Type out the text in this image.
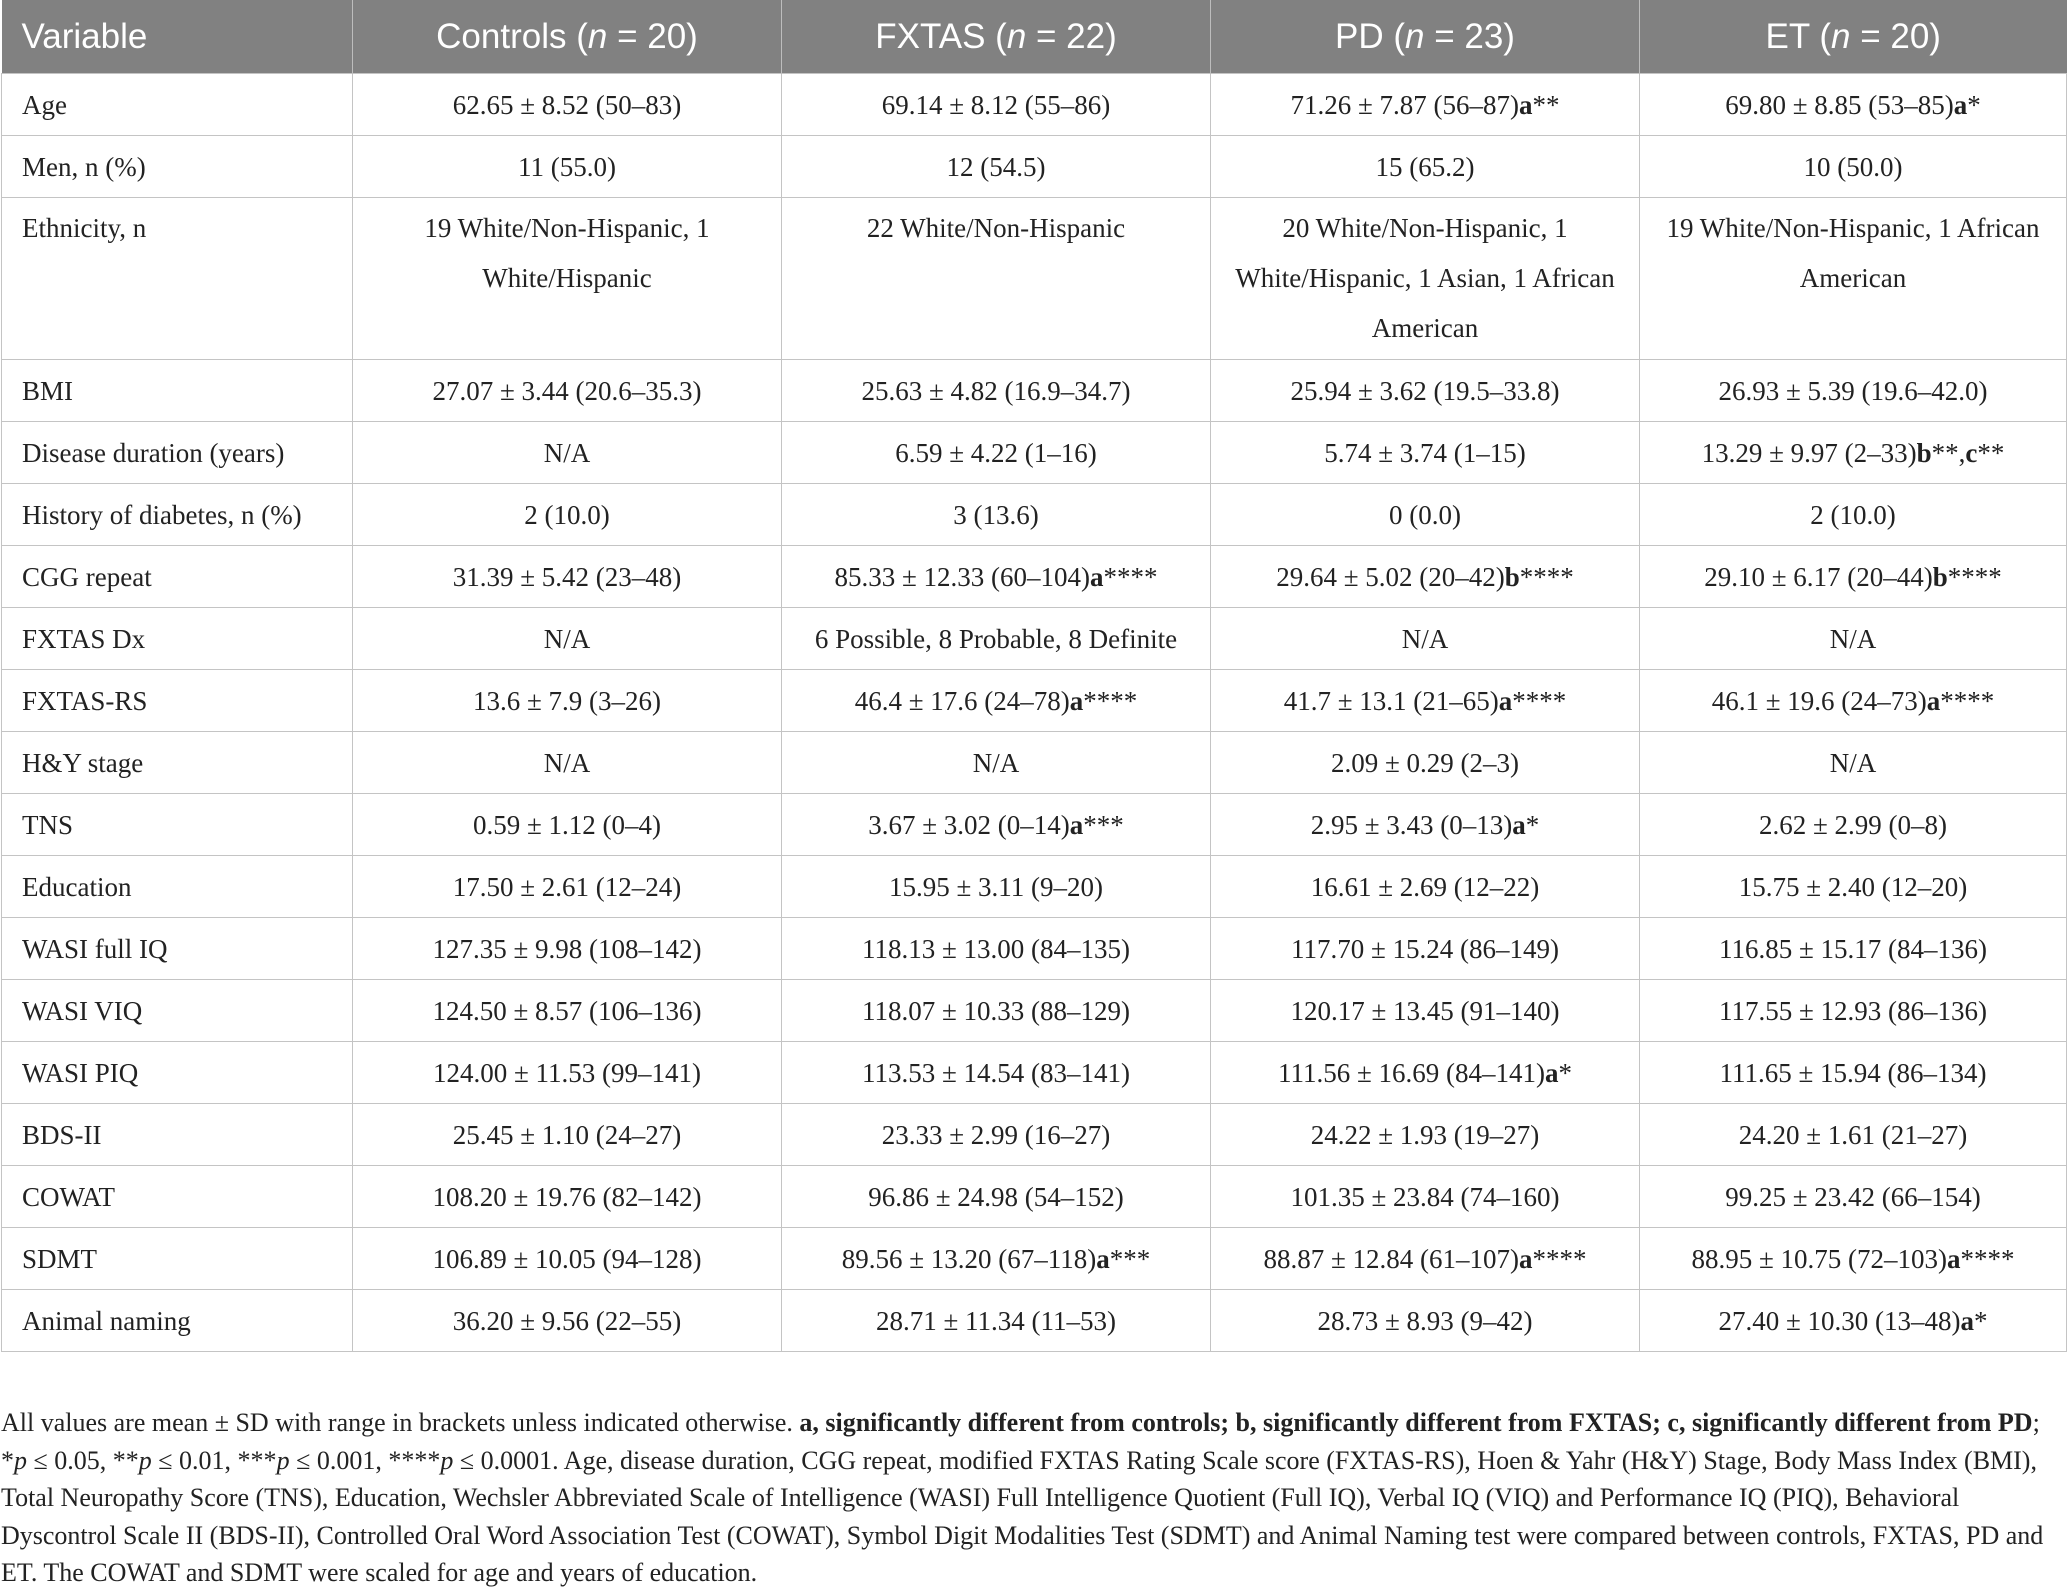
Variable	Controls (n = 20)	FXTAS (n = 22)	PD (n = 23)	ET (n = 20)
Age	62.65 ± 8.52 (50–83)	69.14 ± 8.12 (55–86)	71.26 ± 7.87 (56–87)a**	69.80 ± 8.85 (53–85)a*
Men, n (%)	11 (55.0)	12 (54.5)	15 (65.2)	10 (50.0)
Ethnicity, n	19 White/Non-Hispanic, 1 White/Hispanic	22 White/Non-Hispanic	20 White/Non-Hispanic, 1 White/Hispanic, 1 Asian, 1 African American	19 White/Non-Hispanic, 1 African American
BMI	27.07 ± 3.44 (20.6–35.3)	25.63 ± 4.82 (16.9–34.7)	25.94 ± 3.62 (19.5–33.8)	26.93 ± 5.39 (19.6–42.0)
Disease duration (years)	N/A	6.59 ± 4.22 (1–16)	5.74 ± 3.74 (1–15)	13.29 ± 9.97 (2–33)b**,c**
History of diabetes, n (%)	2 (10.0)	3 (13.6)	0 (0.0)	2 (10.0)
CGG repeat	31.39 ± 5.42 (23–48)	85.33 ± 12.33 (60–104)a****	29.64 ± 5.02 (20–42)b****	29.10 ± 6.17 (20–44)b****
FXTAS Dx	N/A	6 Possible, 8 Probable, 8 Definite	N/A	N/A
FXTAS-RS	13.6 ± 7.9 (3–26)	46.4 ± 17.6 (24–78)a****	41.7 ± 13.1 (21–65)a****	46.1 ± 19.6 (24–73)a****
H&Y stage	N/A	N/A	2.09 ± 0.29 (2–3)	N/A
TNS	0.59 ± 1.12 (0–4)	3.67 ± 3.02 (0–14)a***	2.95 ± 3.43 (0–13)a*	2.62 ± 2.99 (0–8)
Education	17.50 ± 2.61 (12–24)	15.95 ± 3.11 (9–20)	16.61 ± 2.69 (12–22)	15.75 ± 2.40 (12–20)
WASI full IQ	127.35 ± 9.98 (108–142)	118.13 ± 13.00 (84–135)	117.70 ± 15.24 (86–149)	116.85 ± 15.17 (84–136)
WASI VIQ	124.50 ± 8.57 (106–136)	118.07 ± 10.33 (88–129)	120.17 ± 13.45 (91–140)	117.55 ± 12.93 (86–136)
WASI PIQ	124.00 ± 11.53 (99–141)	113.53 ± 14.54 (83–141)	111.56 ± 16.69 (84–141)a*	111.65 ± 15.94 (86–134)
BDS-II	25.45 ± 1.10 (24–27)	23.33 ± 2.99 (16–27)	24.22 ± 1.93 (19–27)	24.20 ± 1.61 (21–27)
COWAT	108.20 ± 19.76 (82–142)	96.86 ± 24.98 (54–152)	101.35 ± 23.84 (74–160)	99.25 ± 23.42 (66–154)
SDMT	106.89 ± 10.05 (94–128)	89.56 ± 13.20 (67–118)a***	88.87 ± 12.84 (61–107)a****	88.95 ± 10.75 (72–103)a****
Animal naming	36.20 ± 9.56 (22–55)	28.71 ± 11.34 (11–53)	28.73 ± 8.93 (9–42)	27.40 ± 10.30 (13–48)a*
All values are mean ± SD with range in brackets unless indicated otherwise. a, significantly different from controls; b, significantly different from FXTAS; c, significantly different from PD; *p ≤ 0.05, **p ≤ 0.01, ***p ≤ 0.001, ****p ≤ 0.0001. Age, disease duration, CGG repeat, modified FXTAS Rating Scale score (FXTAS-RS), Hoen & Yahr (H&Y) Stage, Body Mass Index (BMI), Total Neuropathy Score (TNS), Education, Wechsler Abbreviated Scale of Intelligence (WASI) Full Intelligence Quotient (Full IQ), Verbal IQ (VIQ) and Performance IQ (PIQ), Behavioral Dyscontrol Scale II (BDS-II), Controlled Oral Word Association Test (COWAT), Symbol Digit Modalities Test (SDMT) and Animal Naming test were compared between controls, FXTAS, PD and ET. The COWAT and SDMT were scaled for age and years of education.
